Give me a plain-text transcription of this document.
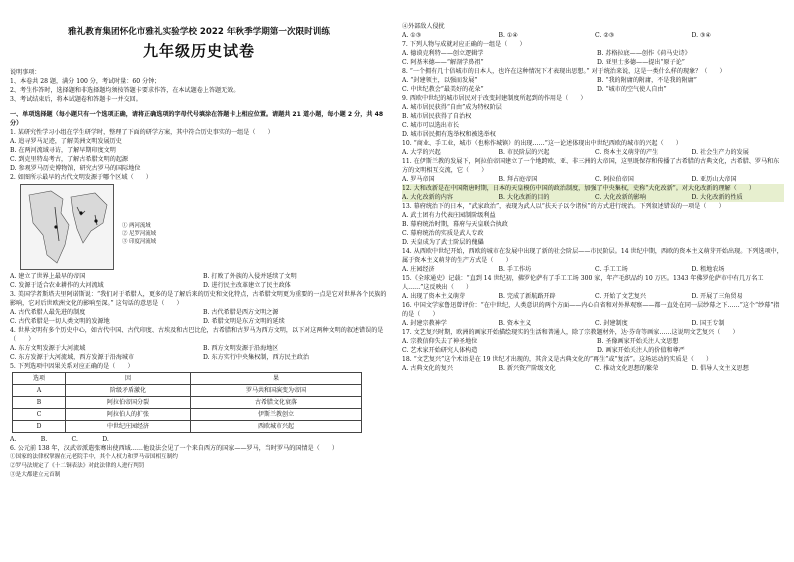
雅礼教育集团怀化市雅礼实验学校 2022 年秋季学期第一次限时训练
九年级历史试卷
说明事项：
1、本卷共 28 题，满分 100 分，考试时量：60 分钟；
2、考生作答时，选择题和非选择题均须按答题卡要求作答，在本试题卷上答题无效。
3、考试结束后，将本试题卷和答题卡一并交回。
一、单项选择题（每小题只有一个选项正确，请将正确选项的字母代号填涂在答题卡上相应位置。请题共 21 道小题，每小题 2 分，共 48 分）
1. 某研究性学习小组在学生研学时，整理了下面的研学方案，其中符合历史事实的一组是（　　）
A. 追寻罗马足迹，了解美洲文明发展历史
B. 在两河流域寻访，了解早期印度文明
C. 到克里特岛考古，了解古希腊文明的起源
D. 参观罗马历史博物馆，研究古罗马的国际地位
2. 如图所示最早的古代文明发源于哪个区域（　　）
① 两河流域
② 尼罗河流域
③ 印度河流域
A. 建立了世界上最早的帝国	B. 打败了外族的入侵并延续了文明
C. 发源于适合农业耕作的大河流域	D. 进行民主改革建立了民主政体
3. 美国学者斯塔夫里阿诺斯说：“我们对于希腊人，更多的是了解后来的历史和文化特点，古希腊文明更为重要的一点是它对世界各个民族的影响，它对后世欧洲文化的影响至深。” 这句话的意思是（　　）
A. 古代希腊人最先进的制度	B. 古代希腊是西方文明之源
C. 古代希腊是一切人类文明的发源地	D. 希腊文明是东方文明的延续
4. 世界文明有多个历史中心，如古代中国、古代印度、古埃及和古巴比伦，古希腊和古罗马为西方文明，以下对这两种文明的叙述错误的是（　　）
A. 东方文明发源于大河流域	B. 西方文明发源于沿海地区
C. 东方发源于大河流域，西方发源于沿海城市	D. 东方实行中央集权制，西方民主政治
5. 下列选项中因果关系对应正确的是（　　）
选项	因	果
A	阶级矛盾激化	罗马共和国演变为帝国
B	阿拉伯帝国分裂	古希腊文化衰落
C	阿拉伯人的扩张	伊斯兰教创立
D	中世纪庄园经济	西欧城市兴起
A.　　　　B.　　　　C.　　　　D.
6. 公元前 138 年，汉武帝派遣张骞出使西域……他设法会见了一个来自西方的国家——罗马，当时罗马的国情是（　　）
①国家的法律权掌握在元老院手中，其个人权力和罗马帝国相互制约
②罗马法规定了《十二铜表法》对此法律的人进行判罚
③是大都建立元首制
④外部敌人侵扰
A. ①③	B. ①④	C. ②③	D. ③④
7. 下列人物与成就对应正确的一组是（　　）
A. 德谟克利特——创立逻辑学	B. 苏格拉底——创作《荷马史诗》
C. 阿基米德——“解剖学鼻祖”	D. 亚里士多德——提出“原子论”
8. “一个拥有几十倍城市的日本人，也许在这种情况下才表现出思想。” 对于统治来说，这是一类什么样的现象？（　　）
A. “封建领主，以强而发展”	B. “我的附庸的附庸，不是我的附庸”
C. 中世纪教会“最美好的花朵”	D. “城市的空气使人自由”
9. 西欧中世纪的城市居民对于改变封建制度所起到的作用是（　　）
A. 城市居民获得“自由”成为特权阶层
B. 城市居民获得了自治权
C. 城市可以选出市长
D. 城市居民拥有选举权和被选举权
10. “商业、手工业，城市（也称作城镇）的出现……”这一论述体现出中世纪西欧的城市的兴起（　　）
A. 大学的兴起	B. 市民阶层的兴起	C. 资本主义萌芽的产生	D. 社会生产力的发展
11. 在伊斯兰教的发展下，阿拉伯帝国建立了一个地跨欧、亚、非三洲的大帝国，这里既保存和传播了古希腊的古典文化，古希腊、罗马和东方的文明相互交流，它（　　）
A. 罗马帝国	B. 拜占庭帝国	C. 阿拉伯帝国	D. 亚历山大帝国
12. 大和改新是在中国隋唐时期，日本的天皇模仿中国的政治制度，加强了中央集权，史称“大化改新”。对大化改新的理解（　　）
A. 大化改新的内容	B. 大化改新的目的	C. 大化改新的影响	D. 大化改新的性质
13. 幕府统治下的日本，“武家政治”，表现为武人以“扶天子以令诸侯”的方式进行统治。下列叙述错误的一项是（　　）
A. 武士团有力代表庄园制阶级利益
B. 幕府统治时期，幕府与天皇联合执政
C. 幕府统治的实质是武人专政
D. 天皇成为了武士阶层的傀儡
14. 从西欧中世纪开始，西欧的城市在发展中出现了新的社会阶层——市民阶层。14 世纪中期，西欧的资本主义萌芽开始出现。下列选项中，属于资本主义萌芽的生产方式是（　　）
A. 庄园经济	B. 手工作坊	C. 手工工场	D. 租地农场
15.《全球通史》记载：“直到 14 世纪初，佛罗伦萨有了手工工场 300 家，年产毛织品约 10 万匹。1343 年佛罗伦萨市中有几万名工人……”这反映出（　　）
A. 出现了资本主义萌芽	B. 完成了新航路开辟	C. 开始了文艺复兴	D. 开展了三角贸易
16. 中国文学家鲁迅曾评价：“在中世纪，人类意识的两个方面——内心自省和对外界观察——都一直处在同一层纱幕之下……”这个“纱幕”指的是（　　）
A. 封建宗教神学	B. 资本主义	C. 封建制度	D. 国王专制
17. 文艺复兴时期，欧洲的画家开始描绘现实的生活和普通人，除了宗教题材外，达·芬奇等画家……这说明文艺复兴（　　）
A. 宗教信仰失去了神圣地位	B. 圣像画家开始关注人文思想
C. 艺术家开始研究人体构造	D. 画家开始关注人的价值和尊严
18. “文艺复兴”这个术语是在 19 世纪才出现的，其含义是古典文化的“再生”或“复活”。这场运动的实质是（　　）
A. 古典文化的复兴	B. 新兴资产阶级文化	C. 推动文化思想的繁荣	D. 倡导人文主义思想
